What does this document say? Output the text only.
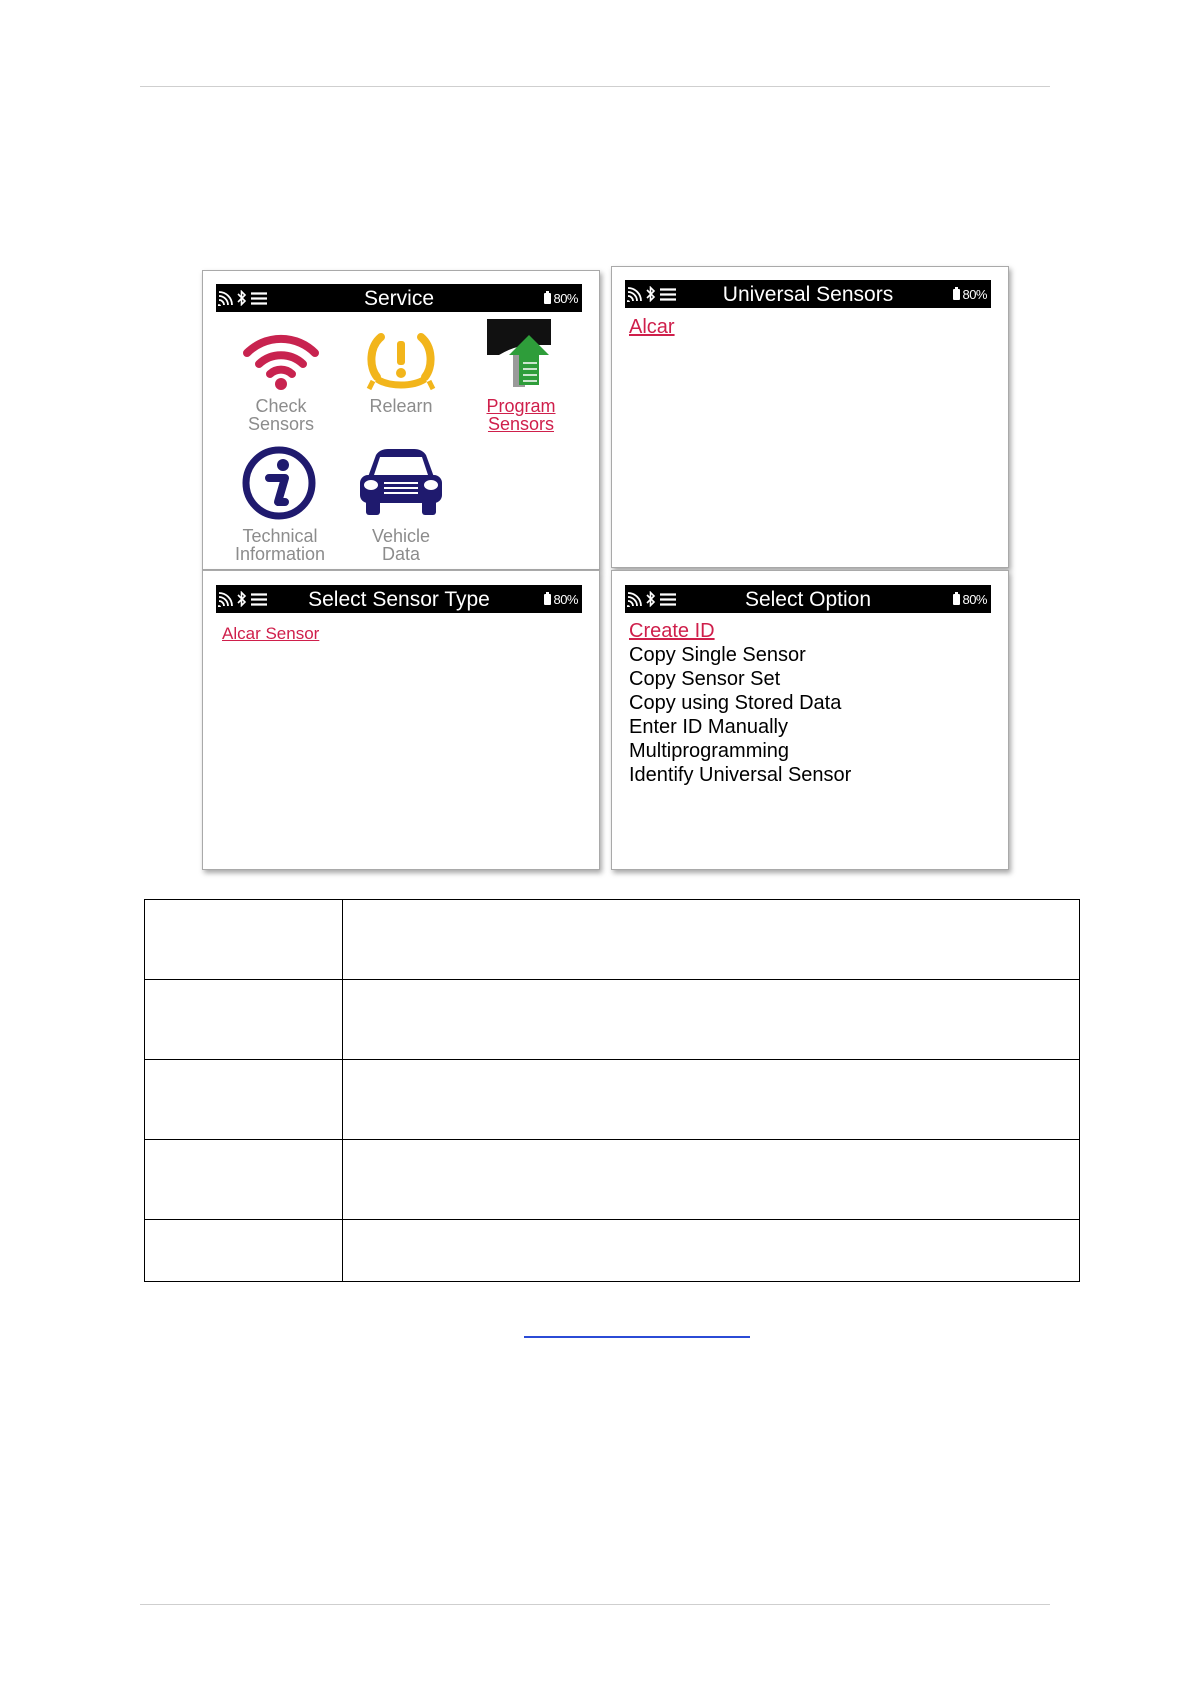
Service	80%
Check
Sensors
Relearn	Program
Sensors
Technical
Information
Vehicle
Data
Universal Sensors	80%
Alcar
Select Sensor Type	80%
Alcar Sensor
Select Option	80%
Create ID
Copy Single Sensor
Copy Sensor Set
Copy using Stored Data
Enter ID Manually
Multiprogramming
Identify Universal Sensor
